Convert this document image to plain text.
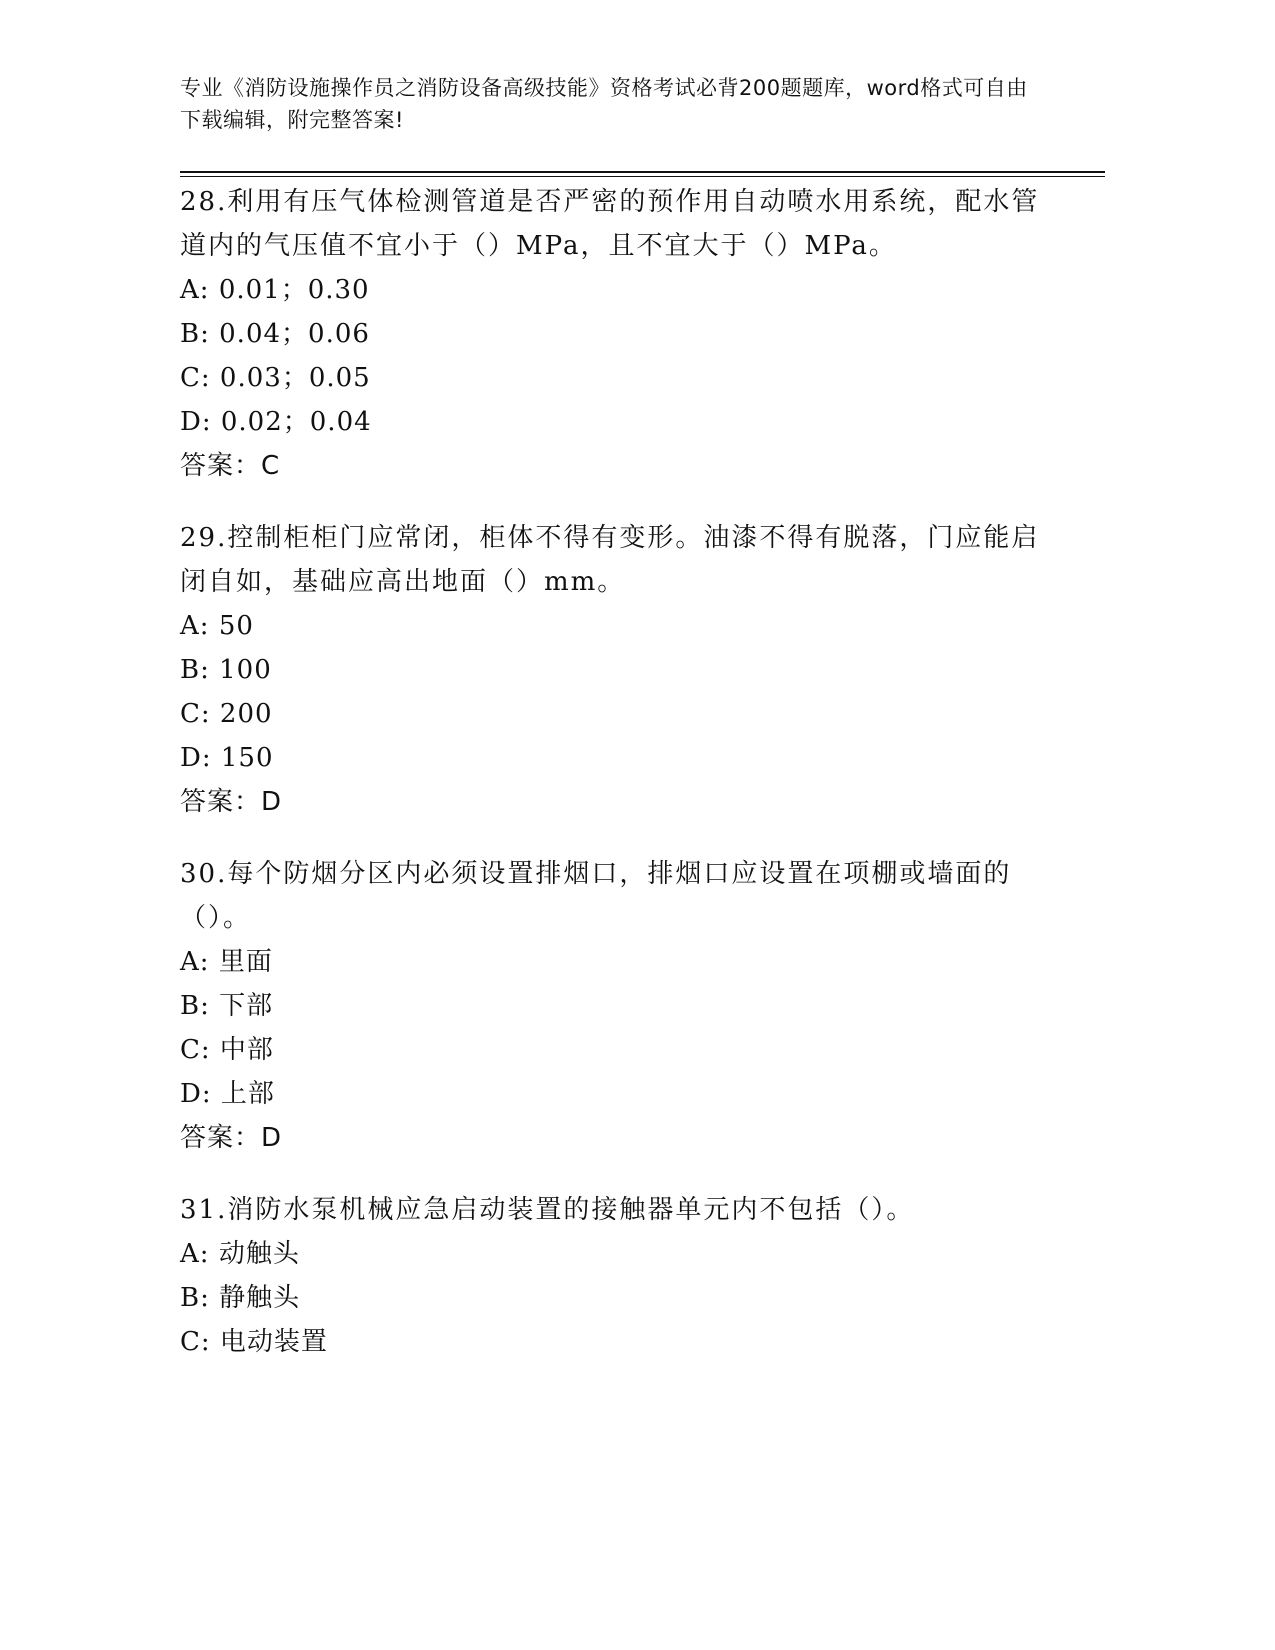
专业《消防设施操作员之消防设备高级技能》资格考试必背200题题库，word格式可自由下载编辑，附完整答案!

28.利用有压气体检测管道是否严密的预作用自动喷水用系统，配水管道内的气压值不宜小于（）MPa，且不宜大于（）MPa。

A: 0.01；0.30

B: 0.04；0.06

C: 0.03；0.05

D: 0.02；0.04

答案：C

29.控制柜柜门应常闭，柜体不得有变形。油漆不得有脱落，门应能启闭自如，基础应高出地面（）mm。

A: 50

B: 100

C: 200

D: 150

答案：D

30.每个防烟分区内必须设置排烟口，排烟口应设置在项棚或墙面的（）。

A: 里面

B: 下部

C: 中部

D: 上部

答案：D

31.消防水泵机械应急启动装置的接触器单元内不包括（）。

A: 动触头

B: 静触头

C: 电动装置
